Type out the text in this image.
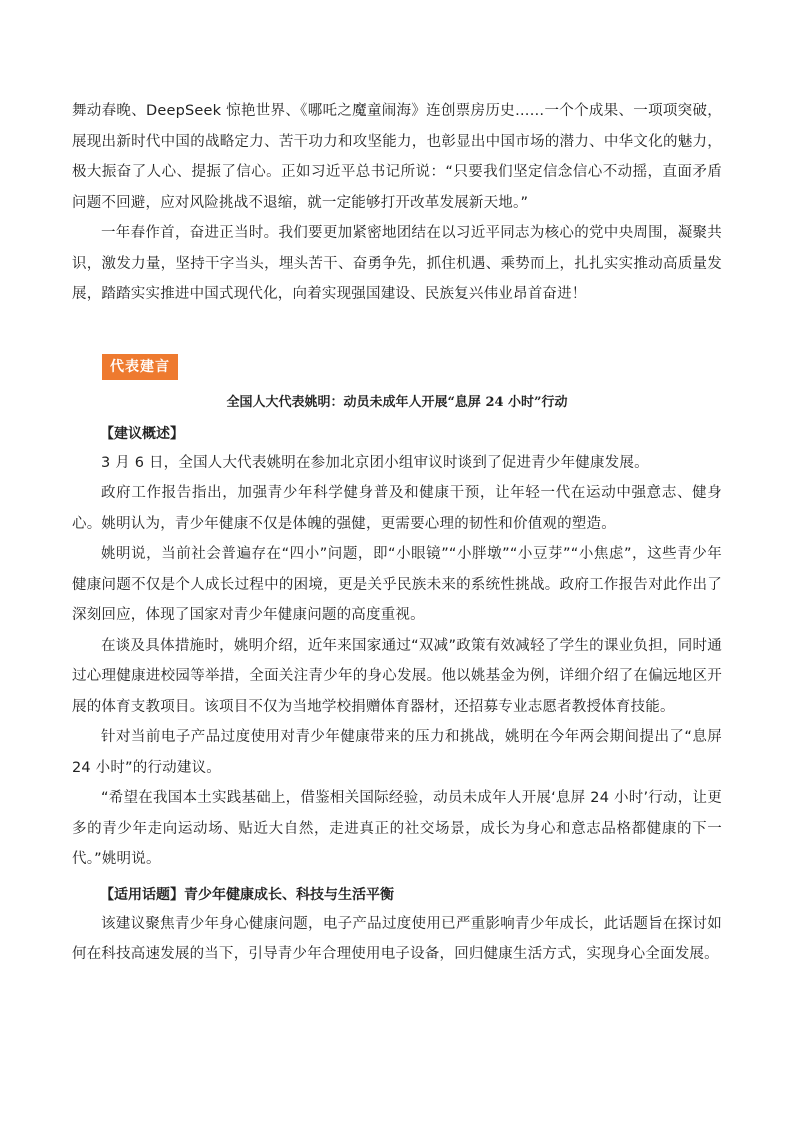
舞动春晚、DeepSeek 惊艳世界、《哪吒之魔童闹海》连创票房历史……一个个成果、一项项突破，展现出新时代中国的战略定力、苦干功力和攻坚能力，也彰显出中国市场的潜力、中华文化的魅力，极大振奋了人心、提振了信心。正如习近平总书记所说：“只要我们坚定信念信心不动摇，直面矛盾问题不回避，应对风险挑战不退缩，就一定能够打开改革发展新天地。”

一年春作首，奋进正当时。我们要更加紧密地团结在以习近平同志为核心的党中央周围，凝聚共识，激发力量，坚持干字当头，埋头苦干、奋勇争先，抓住机遇、乘势而上，扎扎实实推动高质量发展，踏踏实实推进中国式现代化，向着实现强国建设、民族复兴伟业昂首奋进！

代表建言

全国人大代表姚明：动员未成年人开展“息屏 24 小时”行动

【建议概述】

3 月 6 日，全国人大代表姚明在参加北京团小组审议时谈到了促进青少年健康发展。

政府工作报告指出，加强青少年科学健身普及和健康干预，让年轻一代在运动中强意志、健身心。姚明认为，青少年健康不仅是体魄的强健，更需要心理的韧性和价值观的塑造。

姚明说，当前社会普遍存在“四小”问题，即“小眼镜”“小胖墩”“小豆芽”“小焦虑”，这些青少年健康问题不仅是个人成长过程中的困境，更是关乎民族未来的系统性挑战。政府工作报告对此作出了深刻回应，体现了国家对青少年健康问题的高度重视。

在谈及具体措施时，姚明介绍，近年来国家通过“双减”政策有效减轻了学生的课业负担，同时通过心理健康进校园等举措，全面关注青少年的身心发展。他以姚基金为例，详细介绍了在偏远地区开展的体育支教项目。该项目不仅为当地学校捐赠体育器材，还招募专业志愿者教授体育技能。

针对当前电子产品过度使用对青少年健康带来的压力和挑战，姚明在今年两会期间提出了“息屏 24 小时”的行动建议。

“希望在我国本土实践基础上，借鉴相关国际经验，动员未成年人开展‘息屏 24 小时’行动，让更多的青少年走向运动场、贴近大自然，走进真正的社交场景，成长为身心和意志品格都健康的下一代。”姚明说。

【适用话题】青少年健康成长、科技与生活平衡

该建议聚焦青少年身心健康问题，电子产品过度使用已严重影响青少年成长，此话题旨在探讨如何在科技高速发展的当下，引导青少年合理使用电子设备，回归健康生活方式，实现身心全面发展。
